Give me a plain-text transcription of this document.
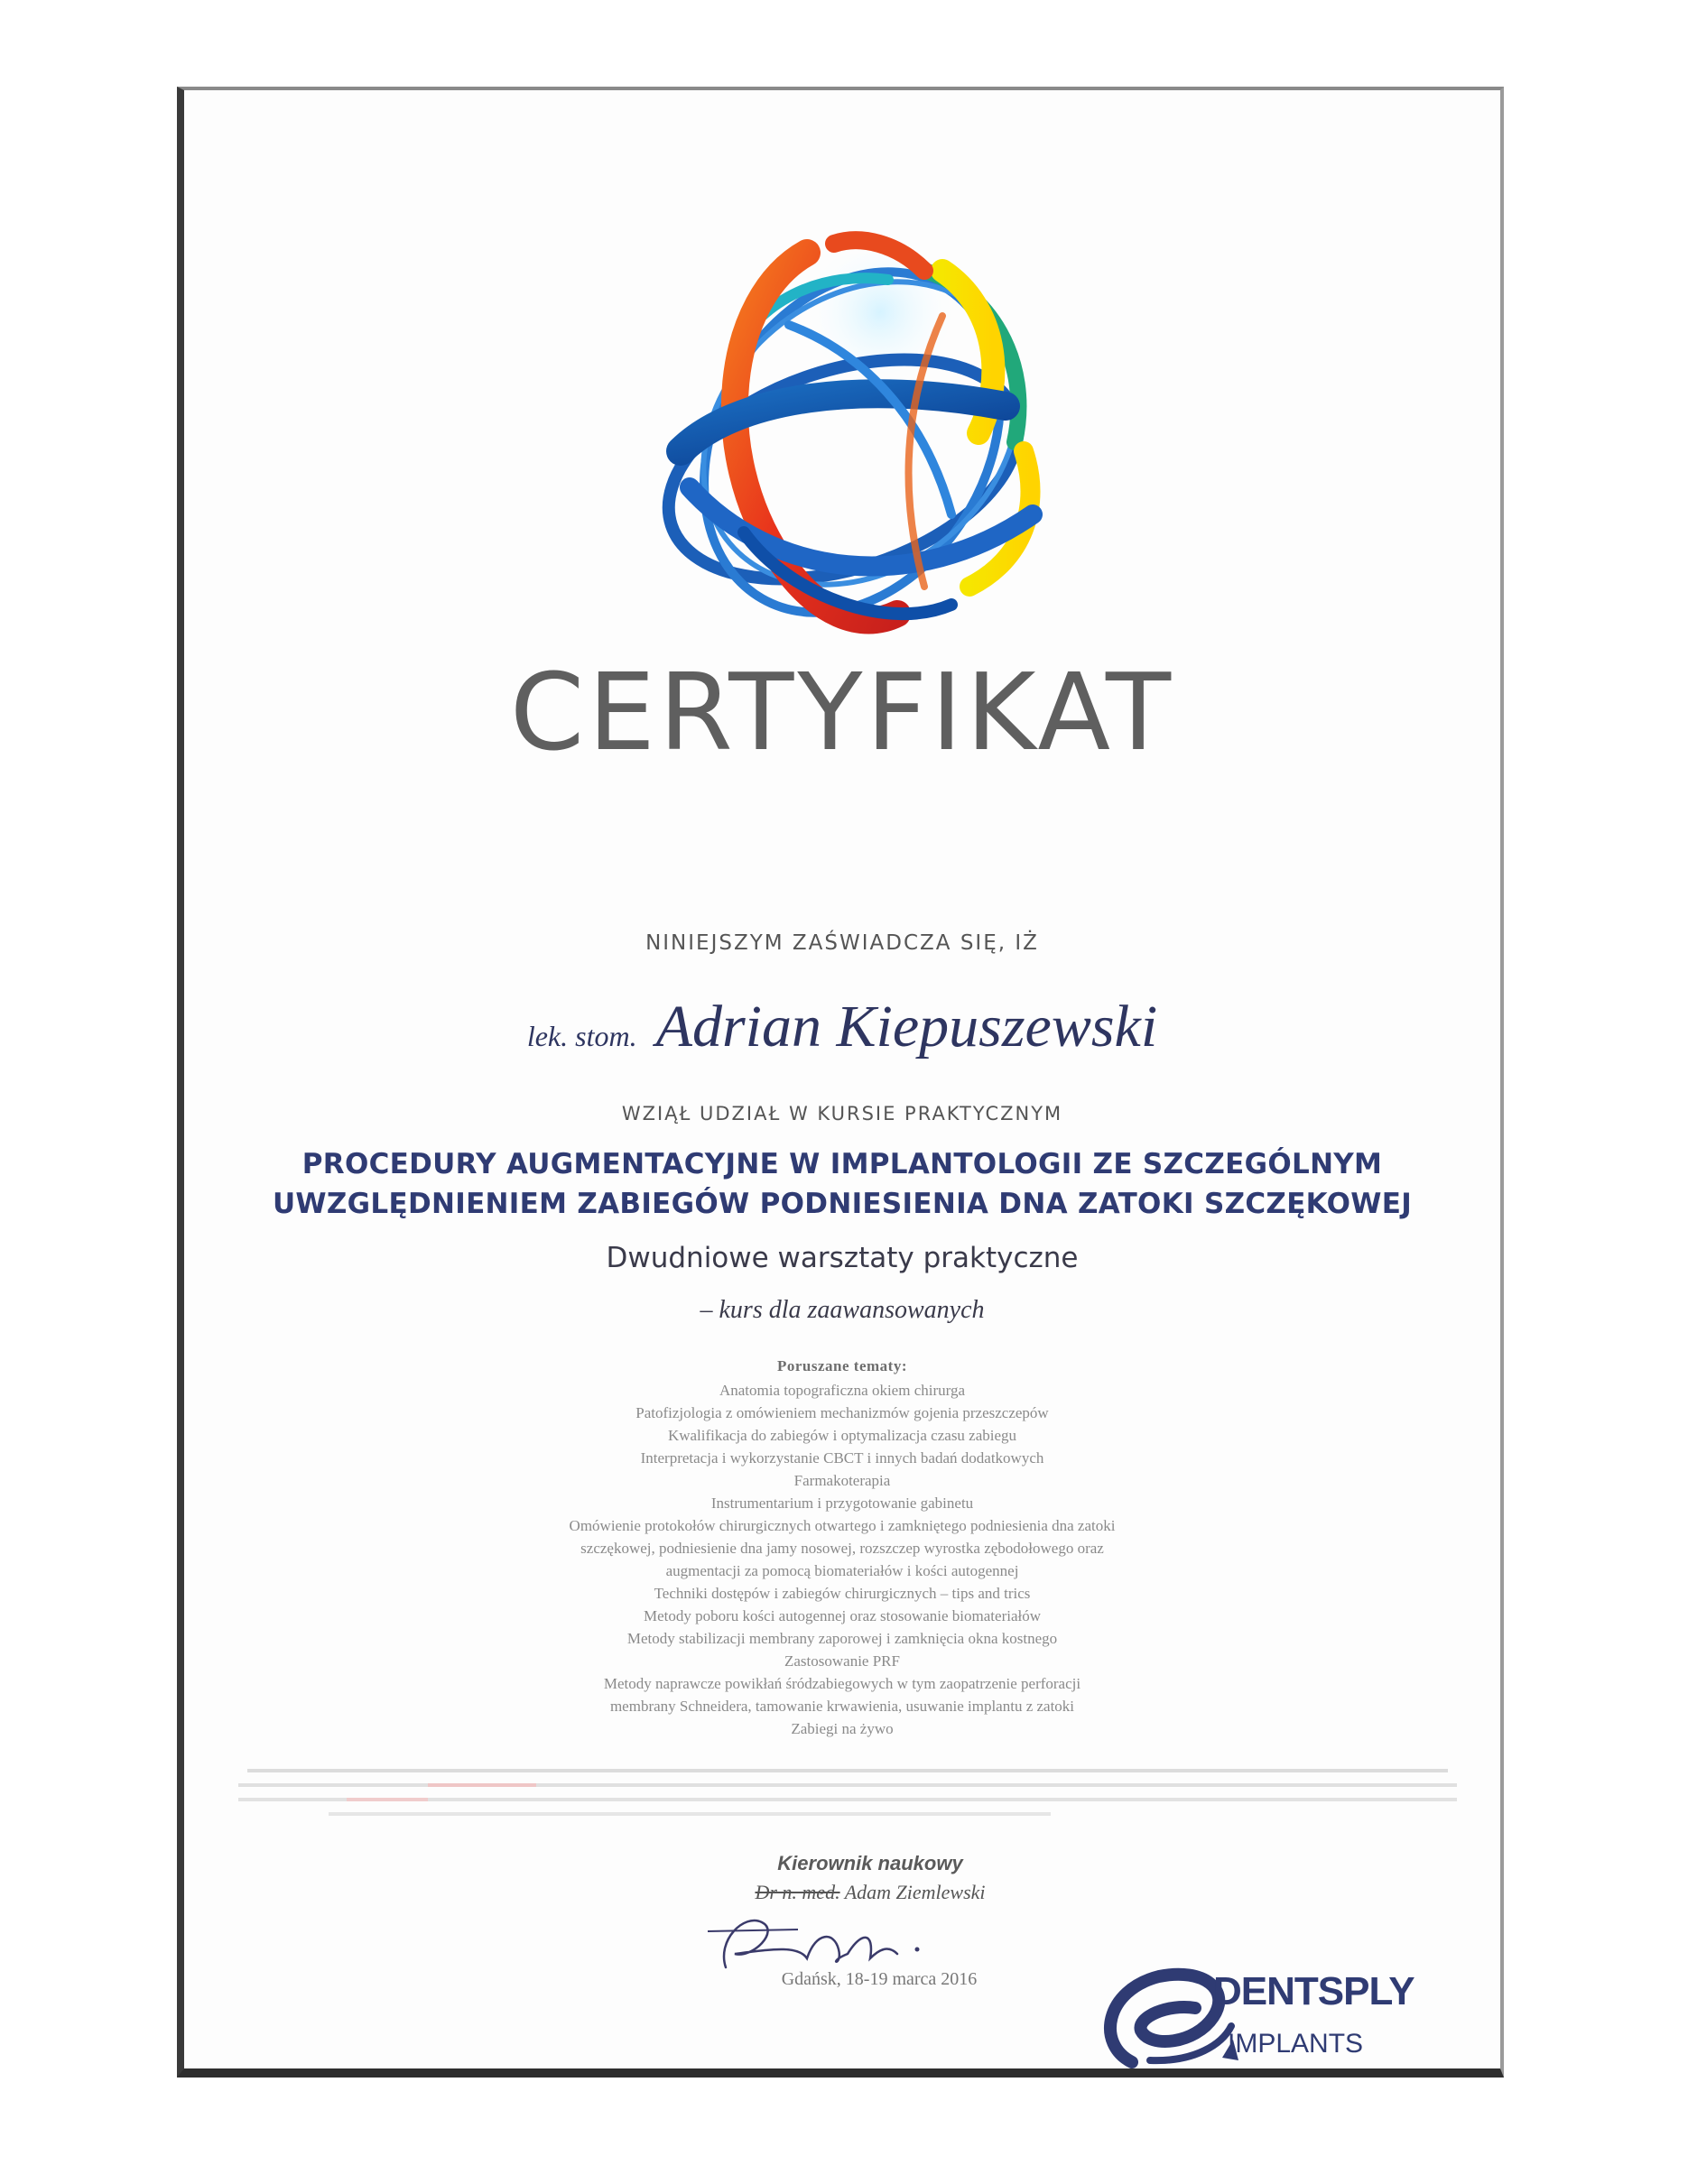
CERTYFIKAT
NINIEJSZYM ZAŚWIADCZA SIĘ, IŻ
lek. stom. Adrian Kiepuszewski
WZIĄŁ UDZIAŁ W KURSIE PRAKTYCZNYM
PROCEDURY AUGMENTACYJNE W IMPLANTOLOGII ZE SZCZEGÓLNYM
UWZGLĘDNIENIEM ZABIEGÓW PODNIESIENIA DNA ZATOKI SZCZĘKOWEJ
Dwudniowe warsztaty praktyczne
– kurs dla zaawansowanych
Poruszane tematy:
Anatomia topograficzna okiem chirurga
Patofizjologia z omówieniem mechanizmów gojenia przeszczepów
Kwalifikacja do zabiegów i optymalizacja czasu zabiegu
Interpretacja i wykorzystanie CBCT i innych badań dodatkowych
Farmakoterapia
Instrumentarium i przygotowanie gabinetu
Omówienie protokołów chirurgicznych otwartego i zamkniętego podniesienia dna zatoki
szczękowej, podniesienie dna jamy nosowej, rozszczep wyrostka zębodołowego oraz
augmentacji za pomocą biomateriałów i kości autogennej
Techniki dostępów i zabiegów chirurgicznych – tips and trics
Metody poboru kości autogennej oraz stosowanie biomateriałów
Metody stabilizacji membrany zaporowej i zamknięcia okna kostnego
Zastosowanie PRF
Metody naprawcze powikłań śródzabiegowych w tym zaopatrzenie perforacji
membrany Schneidera, tamowanie krwawienia, usuwanie implantu z zatoki
Zabiegi na żywo
Kierownik naukowy
Dr n. med. Adam Ziemlewski
Gdańsk, 18-19 marca 2016	DENTSPLY
IMPLANTS
